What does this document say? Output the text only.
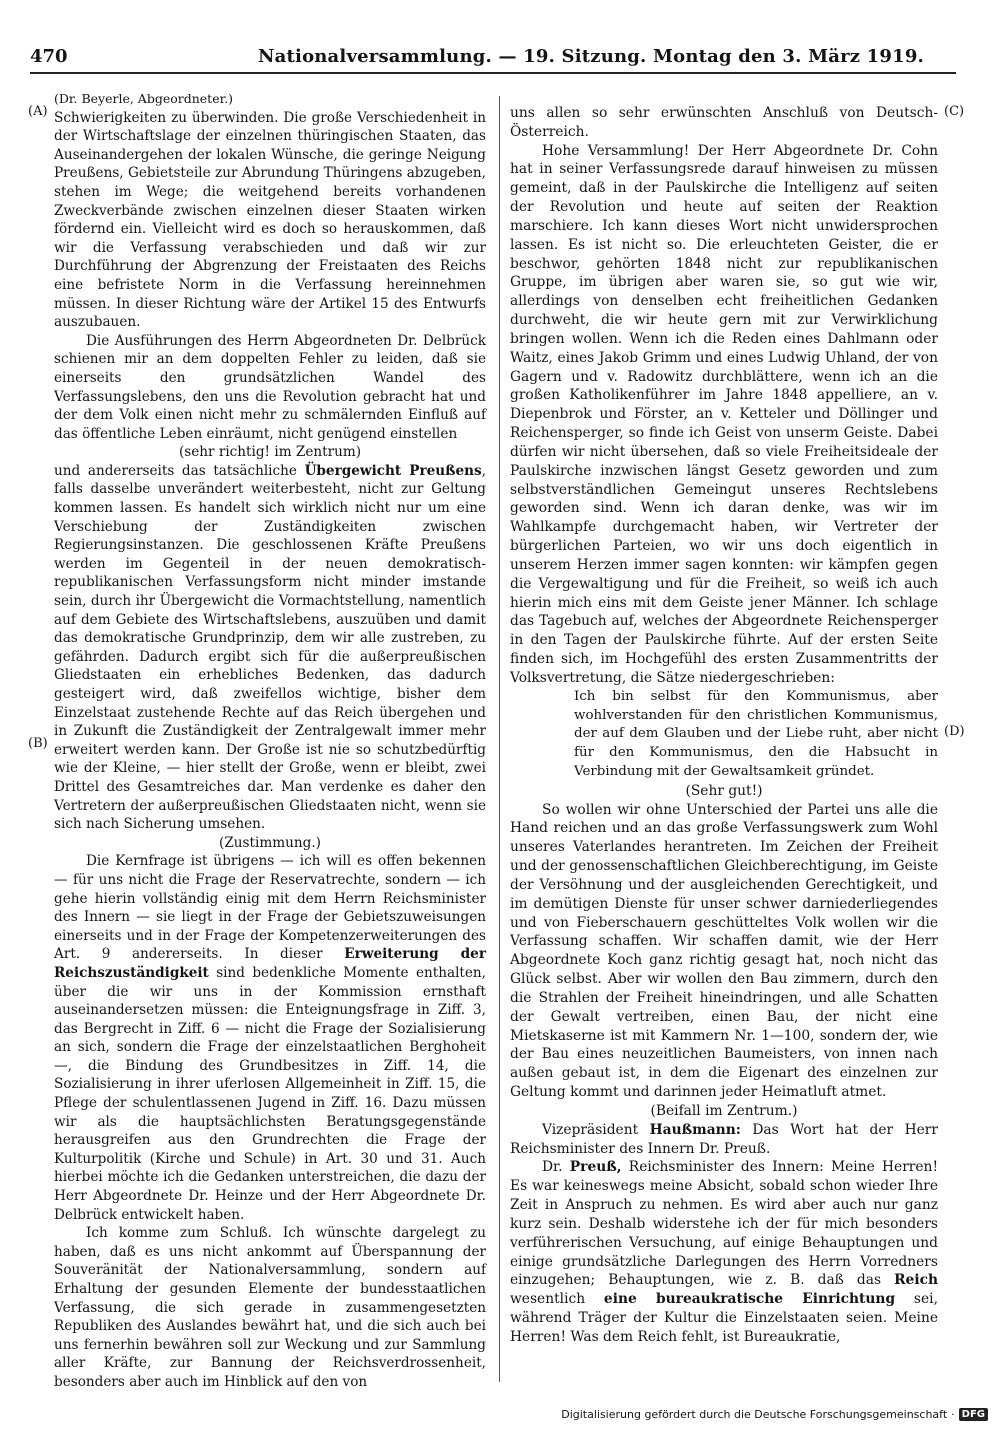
470	Nationalversammlung. — 19. Sitzung. Montag den 3. März 1919.
(A)
(B)
(C)
(D)

(Dr. Beyerle, Abgeordneter.)

Schwierigkeiten zu überwinden. Die große Verschiedenheit in der Wirtschaftslage der einzelnen thüringischen Staaten, das Auseinandergehen der lokalen Wünsche, die geringe Neigung Preußens, Gebietsteile zur Abrundung Thüringens abzugeben, stehen im Wege; die weitgehend bereits vorhandenen Zweckverbände zwischen einzelnen dieser Staaten wirken fördernd ein. Vielleicht wird es doch so herauskommen, daß wir die Verfassung verabschieden und daß wir zur Durchführung der Abgrenzung der Freistaaten des Reichs eine befristete Norm in die Verfassung hereinnehmen müssen. In dieser Richtung wäre der Artikel 15 des Entwurfs auszubauen.

Die Ausführungen des Herrn Abgeordneten Dr. Delbrück schienen mir an dem doppelten Fehler zu leiden, daß sie einerseits den grundsätzlichen Wandel des Verfassungslebens, den uns die Revolution gebracht hat und der dem Volk einen nicht mehr zu schmälernden Einfluß auf das öffentliche Leben einräumt, nicht genügend einstellen

(sehr richtig! im Zentrum)

und andererseits das tatsächliche Übergewicht Preußens, falls dasselbe unverändert weiterbesteht, nicht zur Geltung kommen lassen. Es handelt sich wirklich nicht nur um eine Verschiebung der Zuständigkeiten zwischen Regierungsinstanzen. Die geschlossenen Kräfte Preußens werden im Gegenteil in der neuen demokratisch-republikanischen Verfassungsform nicht minder imstande sein, durch ihr Übergewicht die Vormachtstellung, namentlich auf dem Gebiete des Wirtschaftslebens, auszuüben und damit das demokratische Grundprinzip, dem wir alle zustreben, zu gefährden. Dadurch ergibt sich für die außerpreußischen Gliedstaaten ein erhebliches Bedenken, das dadurch gesteigert wird, daß zweifellos wichtige, bisher dem Einzelstaat zustehende Rechte auf das Reich übergehen und in Zukunft die Zuständigkeit der Zentralgewalt immer mehr erweitert werden kann. Der Große ist nie so schutzbedürftig wie der Kleine, — hier stellt der Große, wenn er bleibt, zwei Drittel des Gesamtreiches dar. Man verdenke es daher den Vertretern der außerpreußischen Gliedstaaten nicht, wenn sie sich nach Sicherung umsehen.

(Zustimmung.)

Die Kernfrage ist übrigens — ich will es offen bekennen — für uns nicht die Frage der Reservatrechte, sondern — ich gehe hierin vollständig einig mit dem Herrn Reichsminister des Innern — sie liegt in der Frage der Gebietszuweisungen einerseits und in der Frage der Kompetenzerweiterungen des Art. 9 andererseits. In dieser Erweiterung der Reichszuständigkeit sind bedenkliche Momente enthalten, über die wir uns in der Kommission ernsthaft auseinandersetzen müssen: die Enteignungsfrage in Ziff. 3, das Bergrecht in Ziff. 6 — nicht die Frage der Sozialisierung an sich, sondern die Frage der einzelstaatlichen Berghoheit —, die Bindung des Grundbesitzes in Ziff. 14, die Sozialisierung in ihrer uferlosen Allgemeinheit in Ziff. 15, die Pflege der schulentlassenen Jugend in Ziff. 16. Dazu müssen wir als die hauptsächlichsten Beratungsgegenstände herausgreifen aus den Grundrechten die Frage der Kulturpolitik (Kirche und Schule) in Art. 30 und 31. Auch hierbei möchte ich die Gedanken unterstreichen, die dazu der Herr Abgeordnete Dr. Heinze und der Herr Abgeordnete Dr. Delbrück entwickelt haben.

Ich komme zum Schluß. Ich wünschte dargelegt zu haben, daß es uns nicht ankommt auf Überspannung der Souveränität der Nationalversammlung, sondern auf Erhaltung der gesunden Elemente der bundesstaatlichen Verfassung, die sich gerade in zusammengesetzten Republiken des Auslandes bewährt hat, und die sich auch bei uns fernerhin bewähren soll zur Weckung und zur Sammlung aller Kräfte, zur Bannung der Reichsverdrossenheit, besonders aber auch im Hinblick auf den von

uns allen so sehr erwünschten Anschluß von Deutsch-Österreich.

Hohe Versammlung! Der Herr Abgeordnete Dr. Cohn hat in seiner Verfassungsrede darauf hinweisen zu müssen gemeint, daß in der Paulskirche die Intelligenz auf seiten der Revolution und heute auf seiten der Reaktion marschiere. Ich kann dieses Wort nicht unwidersprochen lassen. Es ist nicht so. Die erleuchteten Geister, die er beschwor, gehörten 1848 nicht zur republikanischen Gruppe, im übrigen aber waren sie, so gut wie wir, allerdings von denselben echt freiheitlichen Gedanken durchweht, die wir heute gern mit zur Verwirklichung bringen wollen. Wenn ich die Reden eines Dahlmann oder Waitz, eines Jakob Grimm und eines Ludwig Uhland, der von Gagern und v. Radowitz durchblättere, wenn ich an die großen Katholikenführer im Jahre 1848 appelliere, an v. Diepenbrok und Förster, an v. Ketteler und Döllinger und Reichensperger, so finde ich Geist von unserm Geiste. Dabei dürfen wir nicht übersehen, daß so viele Freiheitsideale der Paulskirche inzwischen längst Gesetz geworden und zum selbstverständlichen Gemeingut unseres Rechtslebens geworden sind. Wenn ich daran denke, was wir im Wahlkampfe durchgemacht haben, wir Vertreter der bürgerlichen Parteien, wo wir uns doch eigentlich in unserem Herzen immer sagen konnten: wir kämpfen gegen die Vergewaltigung und für die Freiheit, so weiß ich auch hierin mich eins mit dem Geiste jener Männer. Ich schlage das Tagebuch auf, welches der Abgeordnete Reichensperger in den Tagen der Paulskirche führte. Auf der ersten Seite finden sich, im Hochgefühl des ersten Zusammentritts der Volksvertretung, die Sätze niedergeschrieben:

Ich bin selbst für den Kommunismus, aber wohlverstanden für den christlichen Kommunismus, der auf dem Glauben und der Liebe ruht, aber nicht für den Kommunismus, den die Habsucht in Verbindung mit der Gewaltsamkeit gründet.

(Sehr gut!)

So wollen wir ohne Unterschied der Partei uns alle die Hand reichen und an das große Verfassungswerk zum Wohl unseres Vaterlandes herantreten. Im Zeichen der Freiheit und der genossenschaftlichen Gleichberechtigung, im Geiste der Versöhnung und der ausgleichenden Gerechtigkeit, und im demütigen Dienste für unser schwer darniederliegendes und von Fieberschauern geschütteltes Volk wollen wir die Verfassung schaffen. Wir schaffen damit, wie der Herr Abgeordnete Koch ganz richtig gesagt hat, noch nicht das Glück selbst. Aber wir wollen den Bau zimmern, durch den die Strahlen der Freiheit hineindringen, und alle Schatten der Gewalt vertreiben, einen Bau, der nicht eine Mietskaserne ist mit Kammern Nr. 1—100, sondern der, wie der Bau eines neuzeitlichen Baumeisters, von innen nach außen gebaut ist, in dem die Eigenart des einzelnen zur Geltung kommt und darinnen jeder Heimatluft atmet.

(Beifall im Zentrum.)

Vizepräsident Haußmann: Das Wort hat der Herr Reichsminister des Innern Dr. Preuß.

Dr. Preuß, Reichsminister des Innern: Meine Herren! Es war keineswegs meine Absicht, sobald schon wieder Ihre Zeit in Anspruch zu nehmen. Es wird aber auch nur ganz kurz sein. Deshalb widerstehe ich der für mich besonders verführerischen Versuchung, auf einige Behauptungen und einige grundsätzliche Darlegungen des Herrn Vorredners einzugehen; Behauptungen, wie z. B. daß das Reich wesentlich eine bureaukratische Einrichtung sei, während Träger der Kultur die Einzelstaaten seien. Meine Herren! Was dem Reich fehlt, ist Bureaukratie,

Digitalisierung gefördert durch die Deutsche Forschungsgemeinschaft · DFG
